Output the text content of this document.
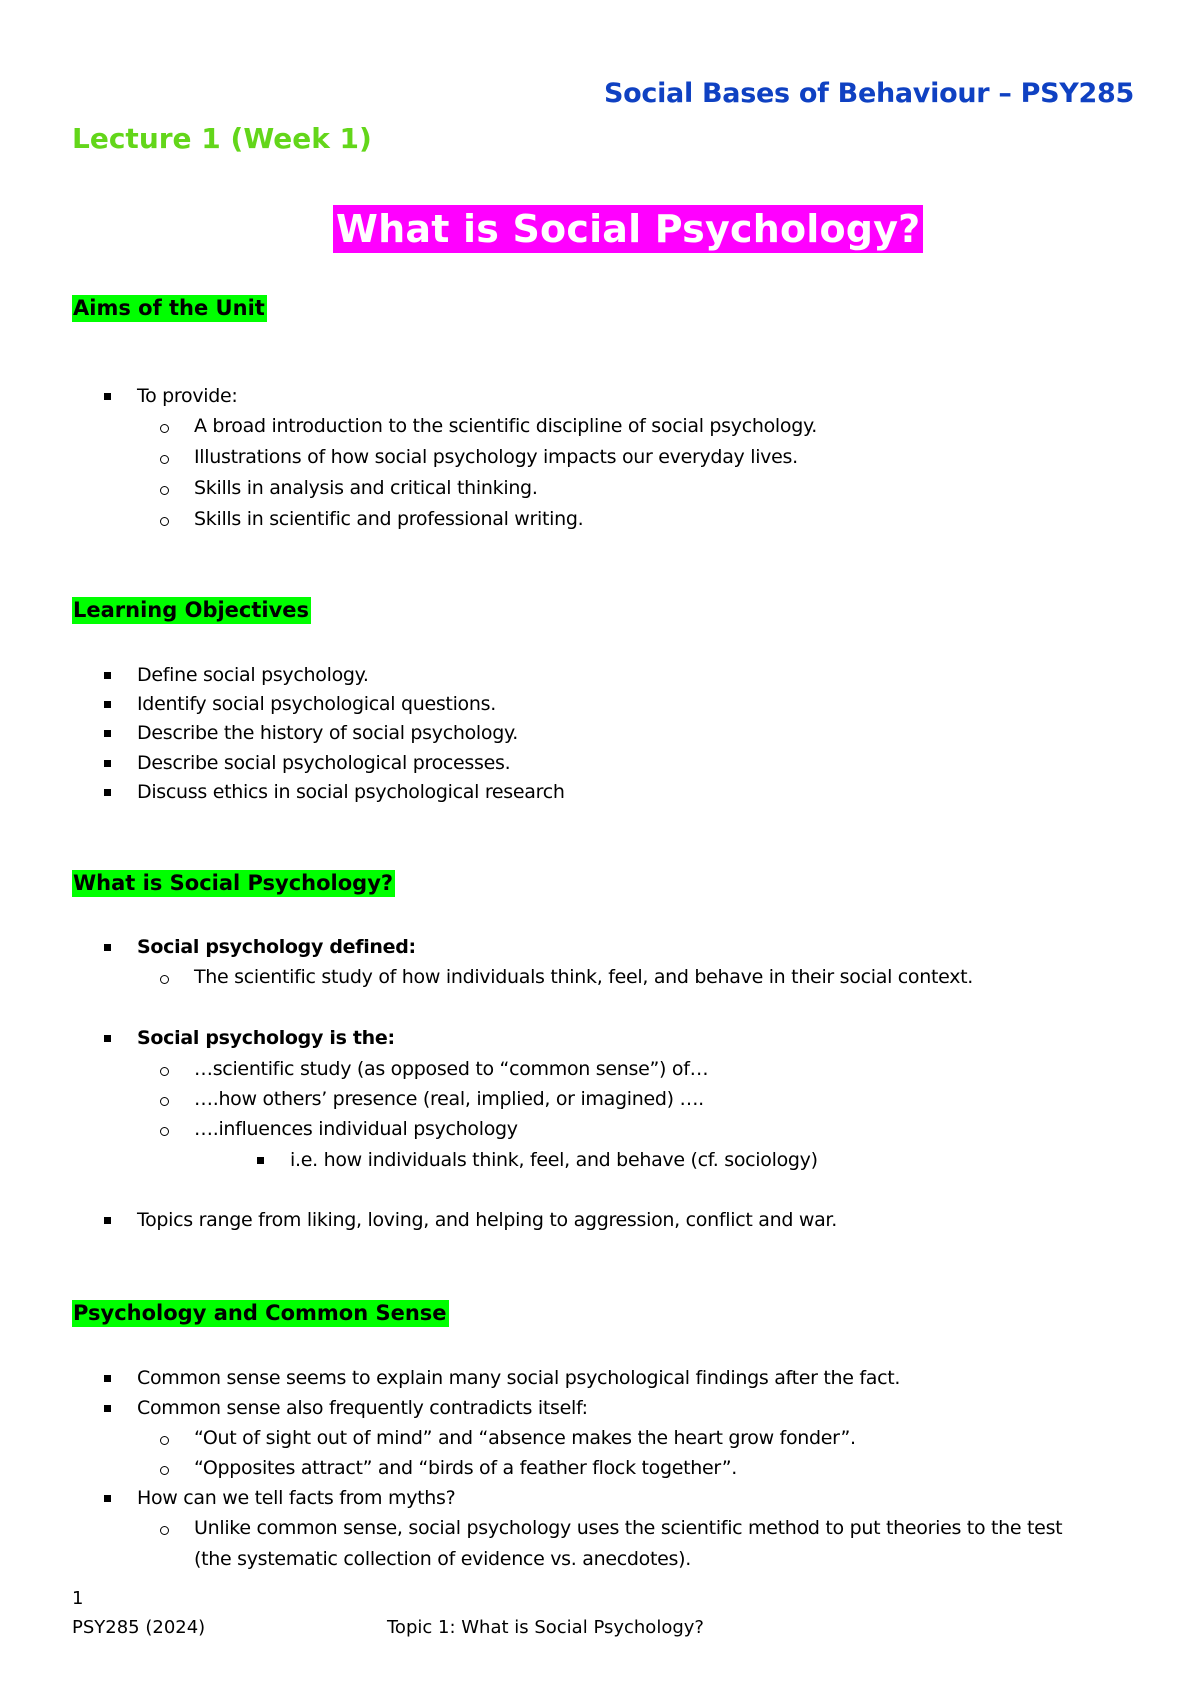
Social Bases of Behaviour – PSY285
Lecture 1 (Week 1)
What is Social Psychology?
Aims of the Unit
To provide:
A broad introduction to the scientific discipline of social psychology.
Illustrations of how social psychology impacts our everyday lives.
Skills in analysis and critical thinking.
Skills in scientific and professional writing.
Learning Objectives
Define social psychology.
Identify social psychological questions.
Describe the history of social psychology.
Describe social psychological processes.
Discuss ethics in social psychological research
What is Social Psychology?
Social psychology defined:
The scientific study of how individuals think, feel, and behave in their social context.
Social psychology is the:
…scientific study (as opposed to “common sense”) of…
….how others’ presence (real, implied, or imagined) ….
….influences individual psychology
i.e. how individuals think, feel, and behave (cf. sociology)
Topics range from liking, loving, and helping to aggression, conflict and war.
Psychology and Common Sense
Common sense seems to explain many social psychological findings after the fact.
Common sense also frequently contradicts itself:
“Out of sight out of mind” and “absence makes the heart grow fonder”.
“Opposites attract” and “birds of a feather flock together”.
How can we tell facts from myths?
Unlike common sense, social psychology uses the scientific method to put theories to the test
(the systematic collection of evidence vs. anecdotes).
1
PSY285 (2024)	Topic 1: What is Social Psychology?
